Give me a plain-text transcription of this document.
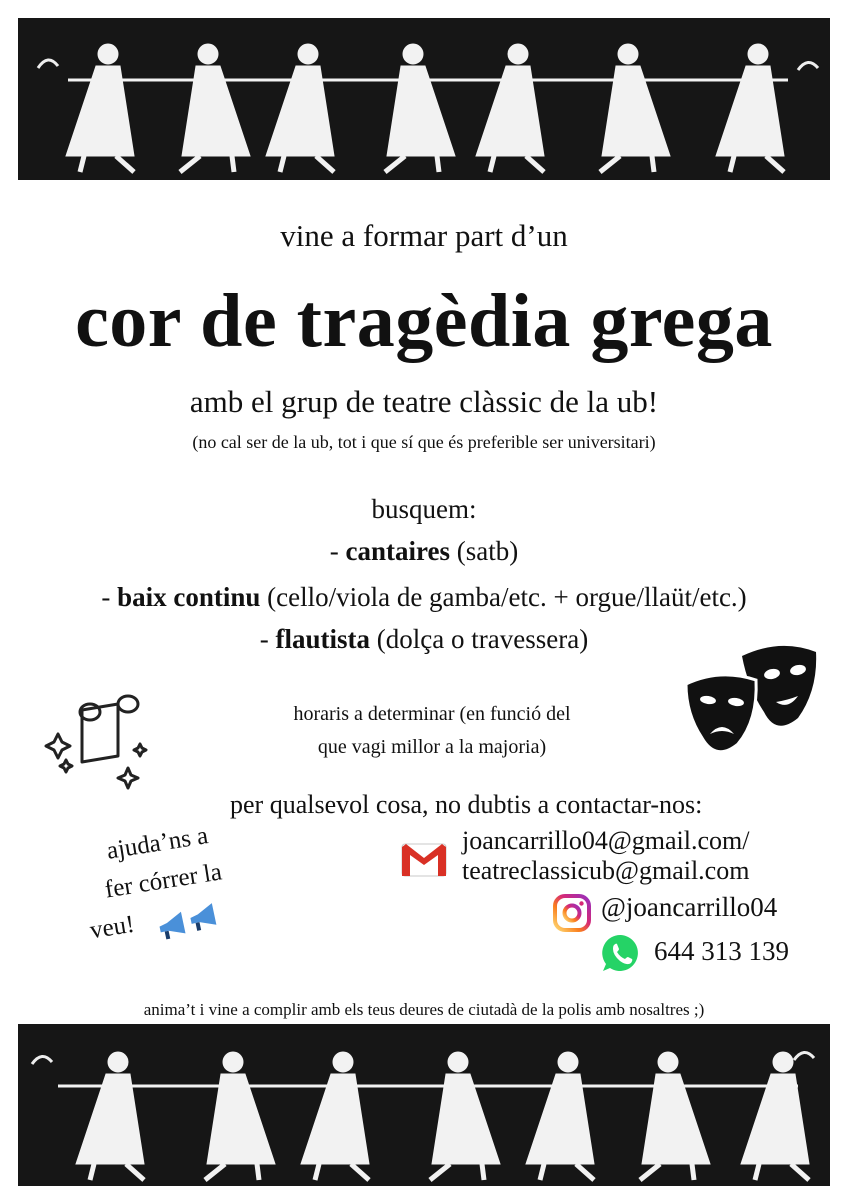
vine a formar part d’un
cor de tragèdia grega
amb el grup de teatre clàssic de la ub!
(no cal ser de la ub, tot i que sí que és preferible ser universitari)
busquem:
- cantaires (satb)
- baix continu (cello/viola de gamba/etc. + orgue/llaüt/etc.)
- flautista (dolça o travessera)
horaris a determinar (en funció del
que vagi millor a la majoria)
per qualsevol cosa, no dubtis a contactar-nos:
joancarrillo04@gmail.com/
teatreclassicub@gmail.com
@joancarrillo04
644 313 139
ajuda’ns a
fer córrer la
veu!
anima’t i vine a complir amb els teus deures de ciutadà de la polis amb nosaltres ;)
